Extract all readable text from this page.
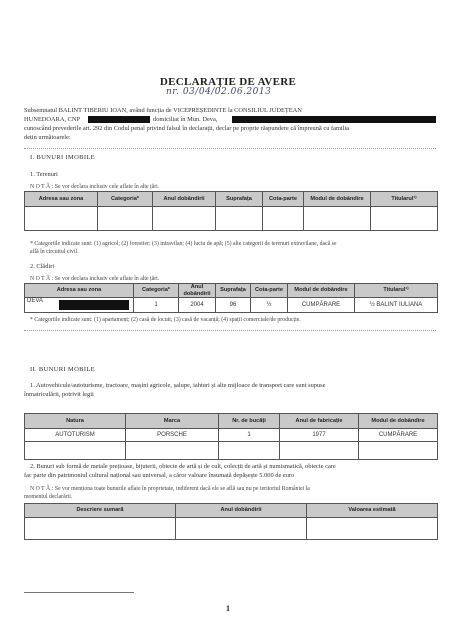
DECLARAȚIE DE AVERE
nr. 03/04/02.06.2013
Subsemnatul BALINT TIBERIU IOAN, având funcția de VICEPREȘEDINTE la CONSILIUL JUDEȚEAN
HUNEDOARA, CNP	domiciliat în Mun. Deva,
cunoscând prevederile art. 292 din Codul penal privind falsul în declarații, declar pe proprie răspundere că împreună cu familia
dețin următoarele:
I. BUNURI IMOBILE
1. Terenuri
N O T Ă : Se vor declara inclusiv cele aflate în alte țări.
Adresa sau zona	Categoria*	Anul dobândirii	Suprafața	Cota-parte	Modul de dobândire	Titularul¹⁾

* Categoriile indicate sunt: (1) agricol; (2) forestier; (3) intravilan; (4) luciu de apă; (5) alte categorii de terenuri extravilane, dacă se
află în circuitul civil.
2. Clădiri
N O T Ă : Se vor declara inclusiv cele aflate în alte țări.
Adresa sau zona	Categoria*	Anul dobândirii	Suprafața	Cota-parte	Modul de dobândire	Titularul¹⁾

DEVA	1	2004	96	½	CUMPĂRARE	½ BALINT IULIANA
* Categoriile indicate sunt: (1) apartament; (2) casă de locuit; (3) casă de vacanță; (4) spații comerciale/de producție.
II. BUNURI MOBILE
1. Autovehicule/autoturisme, tractoare, mașini agricole, șalupe, iahturi și alte mijloace de transport care sunt supuse
înmatriculării, potrivit legii
Natura	Marca	Nr. de bucăți	Anul de fabricație	Modul de dobândire
AUTOTURISM	PORSCHE	1	1977	CUMPĂRARE

2. Bunuri sub formă de metale prețioase, bijuterii, obiecte de artă și de cult, colecții de artă și numismatică, obiecte care
fac parte din patrimoniul cultural național sau universal, a căror valoare însumată depășește 5.000 de euro
N O T Ă : Se vor menționa toate bunurile aflate în proprietate, indiferent dacă ele se află sau nu pe teritoriul României la
momentul declarării.
Descriere sumară	Anul dobândirii	Valoarea estimată

1
